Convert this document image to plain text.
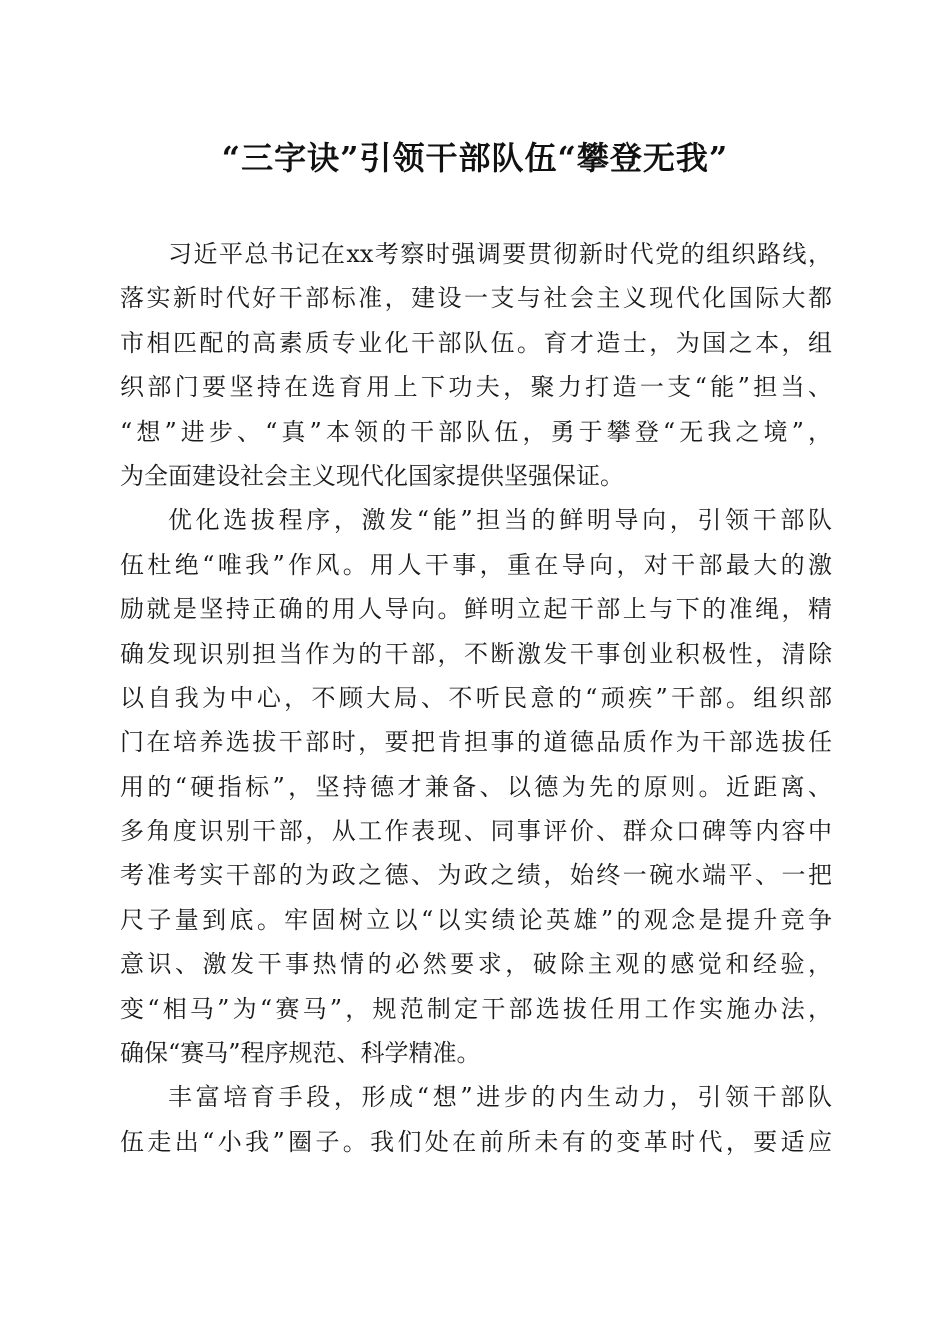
“三字诀”引领干部队伍“攀登无我”
习近平总书记在xx考察时强调要贯彻新时代党的组织路线，
落实新时代好干部标准，建设一支与社会主义现代化国际大都
市相匹配的高素质专业化干部队伍。育才造士，为国之本，组
织部门要坚持在选育用上下功夫，聚力打造一支“能”担当、
“想”进步、“真”本领的干部队伍，勇于攀登“无我之境”，
为全面建设社会主义现代化国家提供坚强保证。
优化选拔程序，激发“能”担当的鲜明导向，引领干部队
伍杜绝“唯我”作风。用人干事，重在导向，对干部最大的激
励就是坚持正确的用人导向。鲜明立起干部上与下的准绳，精
确发现识别担当作为的干部，不断激发干事创业积极性，清除
以自我为中心，不顾大局、不听民意的“顽疾”干部。组织部
门在培养选拔干部时，要把肯担事的道德品质作为干部选拔任
用的“硬指标”，坚持德才兼备、以德为先的原则。近距离、
多角度识别干部，从工作表现、同事评价、群众口碑等内容中
考准考实干部的为政之德、为政之绩，始终一碗水端平、一把
尺子量到底。牢固树立以“以实绩论英雄”的观念是提升竞争
意识、激发干事热情的必然要求，破除主观的感觉和经验，
变“相马”为“赛马”，规范制定干部选拔任用工作实施办法，
确保“赛马”程序规范、科学精准。
丰富培育手段，形成“想”进步的内生动力，引领干部队
伍走出“小我”圈子。我们处在前所未有的变革时代，要适应
